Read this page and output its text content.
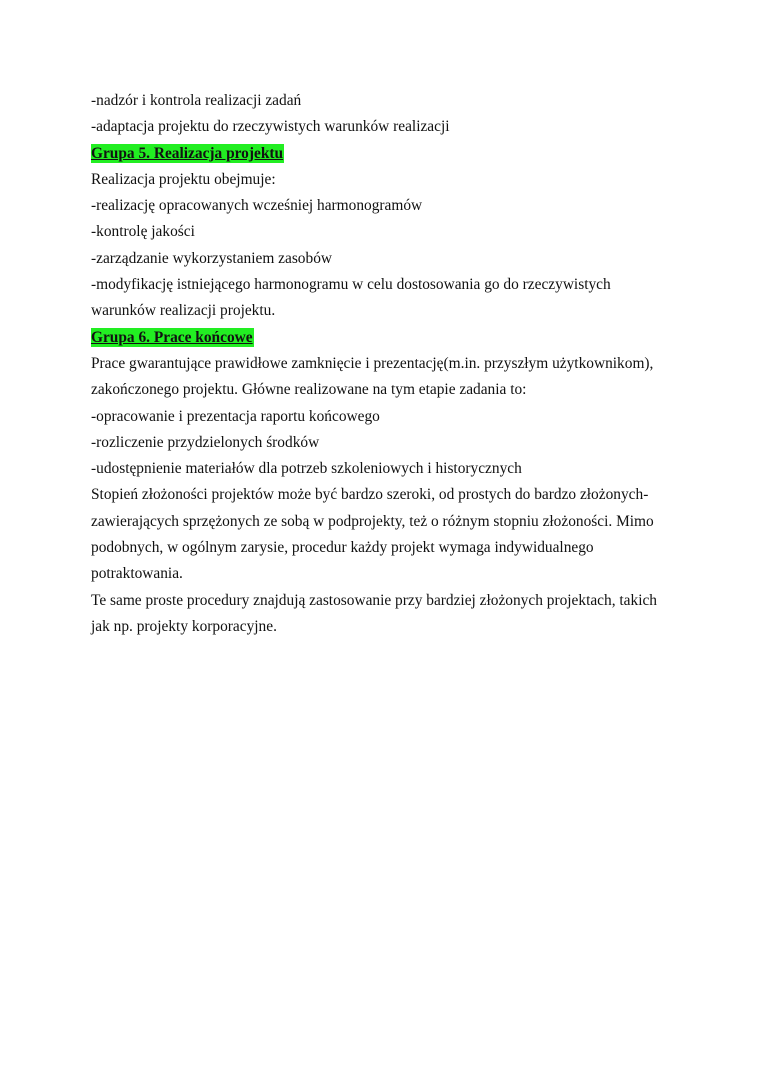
-nadzór i kontrola realizacji zadań
-adaptacja projektu do rzeczywistych warunków realizacji
Grupa 5. Realizacja projektu
Realizacja projektu obejmuje:
-realizację opracowanych wcześniej harmonogramów
-kontrolę jakości
-zarządzanie wykorzystaniem zasobów
-modyfikację istniejącego harmonogramu w celu dostosowania go do rzeczywistych
warunków realizacji projektu.
Grupa 6. Prace końcowe
Prace gwarantujące prawidłowe zamknięcie i prezentację(m.in. przyszłym użytkownikom),
zakończonego projektu. Główne realizowane na tym etapie zadania to:
-opracowanie i prezentacja raportu końcowego
-rozliczenie przydzielonych środków
-udostępnienie materiałów dla potrzeb szkoleniowych i historycznych
Stopień złożoności projektów może być bardzo szeroki, od prostych do bardzo złożonych-
zawierających sprzężonych ze sobą w podprojekty, też o różnym stopniu złożoności. Mimo
podobnych, w ogólnym zarysie, procedur każdy projekt wymaga indywidualnego
potraktowania.
Te same proste procedury znajdują zastosowanie przy bardziej złożonych projektach, takich
jak np. projekty korporacyjne.
